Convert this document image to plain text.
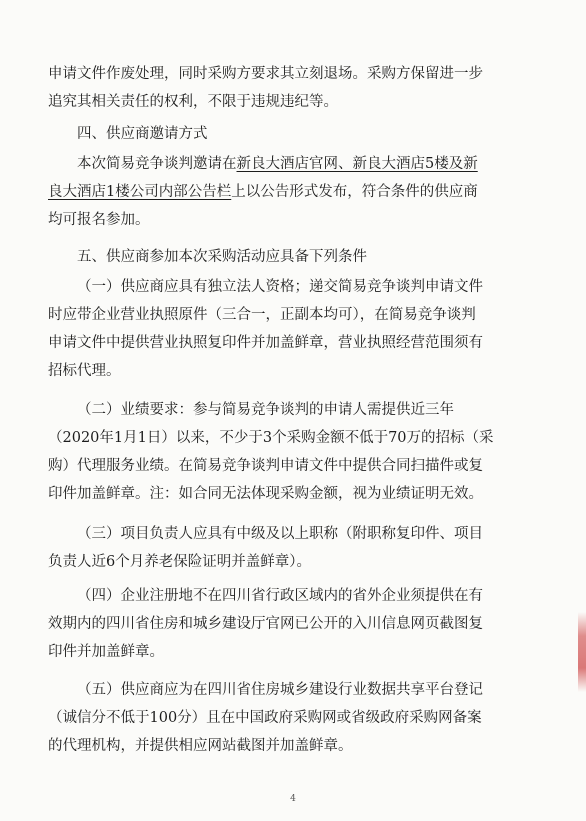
申请文件作废处理，同时采购方要求其立刻退场。采购方保留进一步
追究其相关责任的权利，不限于违规违纪等。

四、供应商邀请方式

本次简易竞争谈判邀请在新良大酒店官网、新良大酒店5楼及新
良大酒店1楼公司内部公告栏上以公告形式发布，符合条件的供应商
均可报名参加。

五、供应商参加本次采购活动应具备下列条件

（一）供应商应具有独立法人资格；递交简易竞争谈判申请文件
时应带企业营业执照原件（三合一，正副本均可），在简易竞争谈判
申请文件中提供营业执照复印件并加盖鲜章，营业执照经营范围须有
招标代理。

（二）业绩要求：参与简易竞争谈判的申请人需提供近三年
（2020年1月1日）以来，不少于3个采购金额不低于70万的招标（采
购）代理服务业绩。在简易竞争谈判申请文件中提供合同扫描件或复
印件加盖鲜章。注：如合同无法体现采购金额，视为业绩证明无效。

（三）项目负责人应具有中级及以上职称（附职称复印件、项目
负责人近6个月养老保险证明并盖鲜章）。

（四）企业注册地不在四川省行政区域内的省外企业须提供在有
效期内的四川省住房和城乡建设厅官网已公开的入川信息网页截图复
印件并加盖鲜章。

（五）供应商应为在四川省住房城乡建设行业数据共享平台登记
（诚信分不低于100分）且在中国政府采购网或省级政府采购网备案
的代理机构，并提供相应网站截图并加盖鲜章。

4
